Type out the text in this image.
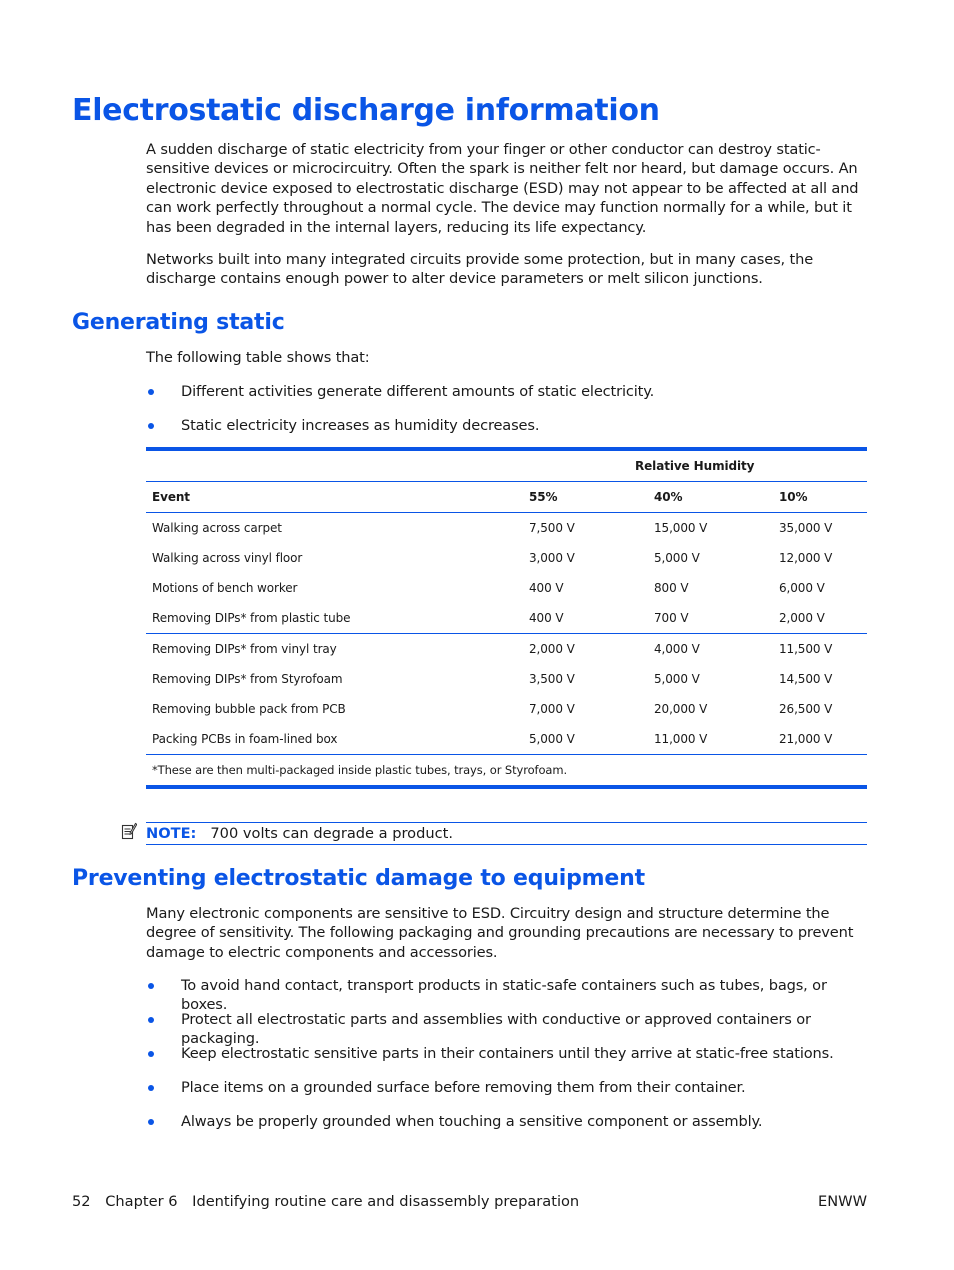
Electrostatic discharge information

A sudden discharge of static electricity from your finger or other conductor can destroy static-sensitive devices or microcircuitry. Often the spark is neither felt nor heard, but damage occurs. An electronic device exposed to electrostatic discharge (ESD) may not appear to be affected at all and can work perfectly throughout a normal cycle. The device may function normally for a while, but it has been degraded in the internal layers, reducing its life expectancy.

Networks built into many integrated circuits provide some protection, but in many cases, the discharge contains enough power to alter device parameters or melt silicon junctions.

Generating static

The following table shows that:

Different activities generate different amounts of static electricity.
Static electricity increases as humidity decreases.
	Relative Humidity		
Event	55%	40%	10%
Walking across carpet	7,500 V	15,000 V	35,000 V
Walking across vinyl floor	3,000 V	5,000 V	12,000 V
Motions of bench worker	400 V	800 V	6,000 V
Removing DIPs* from plastic tube	400 V	700 V	2,000 V
Removing DIPs* from vinyl tray	2,000 V	4,000 V	11,500 V
Removing DIPs* from Styrofoam	3,500 V	5,000 V	14,500 V
Removing bubble pack from PCB	7,000 V	20,000 V	26,500 V
Packing PCBs in foam-lined box	5,000 V	11,000 V	21,000 V
*These are then multi-packaged inside plastic tubes, trays, or Styrofoam.			
NOTE: 700 volts can degrade a product.
Preventing electrostatic damage to equipment

Many electronic components are sensitive to ESD. Circuitry design and structure determine the degree of sensitivity. The following packaging and grounding precautions are necessary to prevent damage to electric components and accessories.

To avoid hand contact, transport products in static-safe containers such as tubes, bags, or boxes.
Protect all electrostatic parts and assemblies with conductive or approved containers or packaging.
Keep electrostatic sensitive parts in their containers until they arrive at static-free stations.
Place items on a grounded surface before removing them from their container.
Always be properly grounded when touching a sensitive component or assembly.
52 Chapter 6 Identifying routine care and disassembly preparation	ENWW
